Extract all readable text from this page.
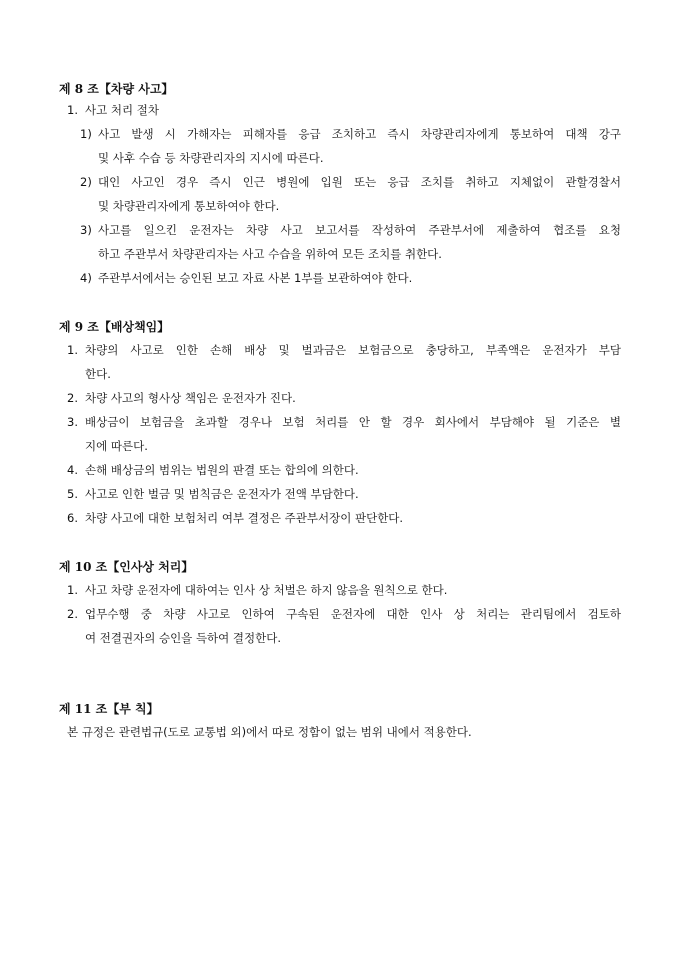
제 8 조【차량 사고】
1. 사고 처리 절차
1) 사고 발생 시 가해자는 피해자를 응급 조치하고 즉시 차량관리자에게 통보하여 대책 강구
및 사후 수습 등 차량관리자의 지시에 따른다.
2) 대인 사고인 경우 즉시 인근 병원에 입원 또는 응급 조치를 취하고 지체없이 관할경찰서
및 차량관리자에게 통보하여야 한다.
3) 사고를 일으킨 운전자는 차량 사고 보고서를 작성하여 주관부서에 제출하여 협조를 요청
하고 주관부서 차량관리자는 사고 수습을 위하여 모든 조치를 취한다.
4) 주관부서에서는 승인된 보고 자료 사본 1부를 보관하여야 한다.
제 9 조【배상책임】
1. 차량의 사고로 인한 손해 배상 및 벌과금은 보험금으로 충당하고, 부족액은 운전자가 부담
한다.
2. 차량 사고의 형사상 책임은 운전자가 진다.
3. 배상금이 보험금을 초과할 경우나 보험 처리를 안 할 경우 회사에서 부담해야 될 기준은 별
지에 따른다.
4. 손해 배상금의 범위는 법원의 판결 또는 합의에 의한다.
5. 사고로 인한 벌금 및 범칙금은 운전자가 전액 부담한다.
6. 차량 사고에 대한 보험처리 여부 결정은 주관부서장이 판단한다.
제 10 조【인사상 처리】
1. 사고 차량 운전자에 대하여는 인사 상 처벌은 하지 않음을 원칙으로 한다.
2. 업무수행 중 차량 사고로 인하여 구속된 운전자에 대한 인사 상 처리는 관리팀에서 검토하
여 전결권자의 승인을 득하여 결정한다.
제 11 조【부 칙】
본 규정은 관련법규(도로 교통법 외)에서 따로 정함이 없는 범위 내에서 적용한다.
